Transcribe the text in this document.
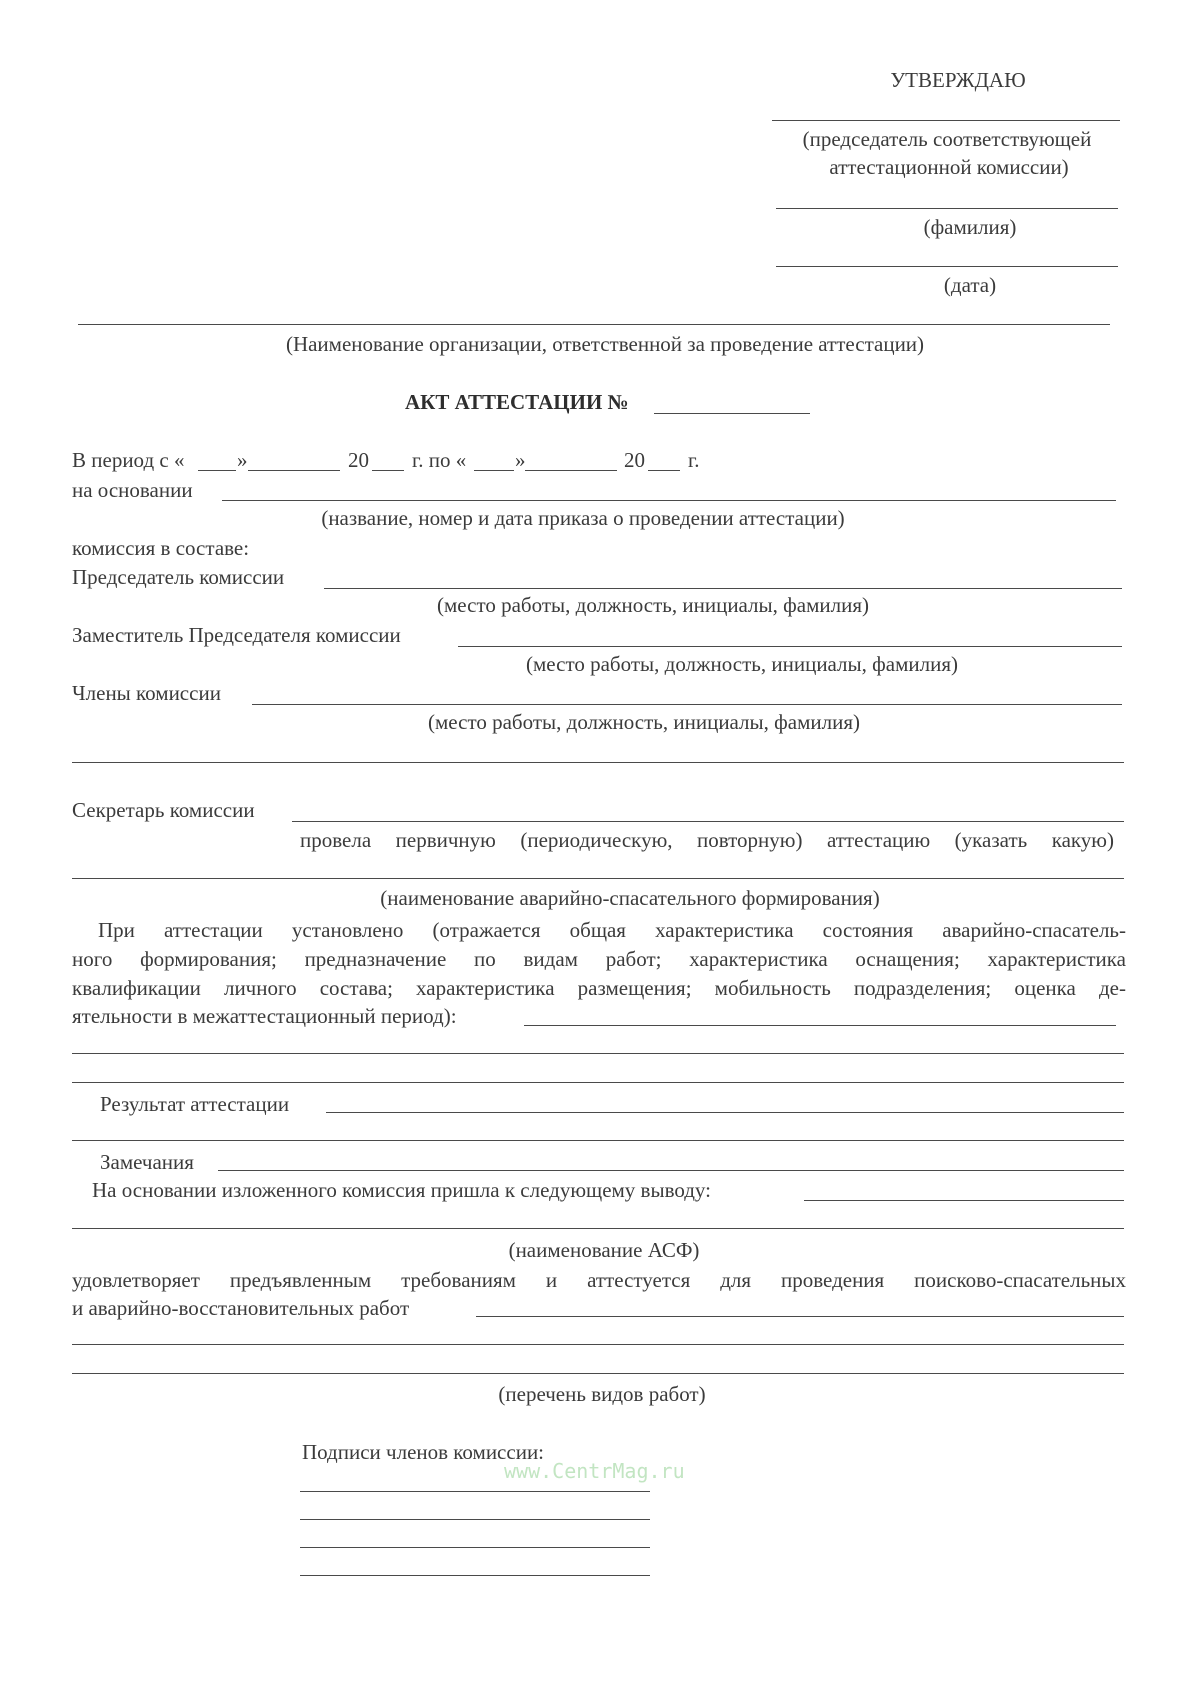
УТВЕРЖДАЮ
(председатель соответствующей
аттестационной комиссии)
(фамилия)
(дата)
(Наименование организации, ответственной за проведение аттестации)
АКТ АТТЕСТАЦИИ №
В период с «	»	20 г. по « »	20 г.
на основании
(название, номер и дата приказа о проведении аттестации)
комиссия в составе:
Председатель комиссии
(место работы, должность, инициалы, фамилия)
Заместитель Председателя комиссии
(место работы, должность, инициалы, фамилия)
Члены комиссии
(место работы, должность, инициалы, фамилия)
Секретарь комиссии
провела первичную (периодическую, повторную) аттестацию (указать какую)
(наименование аварийно-спасательного формирования)
При аттестации установлено (отражается общая характеристика состояния аварийно-спасатель-
ного формирования; предназначение по видам работ; характеристика оснащения; характеристика
квалификации личного состава; характеристика размещения; мобильность подразделения; оценка де-
ятельности в межаттестационный период):
Результат аттестации
Замечания
На основании изложенного комиссия пришла к следующему выводу:
(наименование АСФ)
удовлетворяет предъявленным требованиям и аттестуется для проведения поисково-спасательных
и аварийно-восстановительных работ
(перечень видов работ)
Подписи членов комиссии:
www.CentrMag.ru
